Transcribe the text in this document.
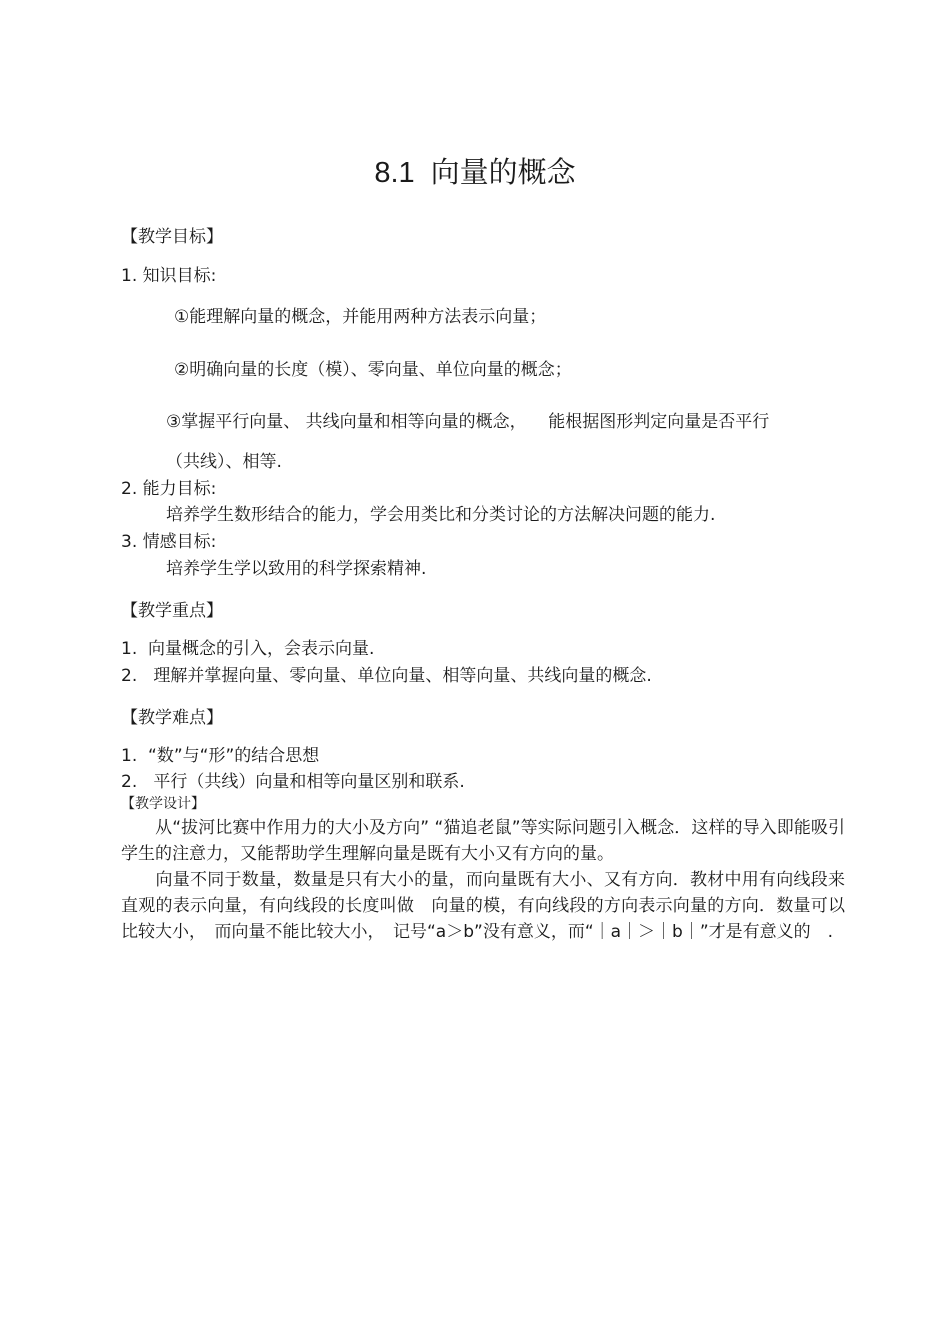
8.1 向量的概念
【教学目标】
1. 知识目标:
①能理解向量的概念，并能用两种方法表示向量；
②明确向量的长度（模）、零向量、单位向量的概念；
③掌握平行向量、 共线向量和相等向量的概念，    能根据图形判定向量是否平行
（共线）、相等.
2. 能力目标:
培养学生数形结合的能力，学会用类比和分类讨论的方法解决问题的能力.
3. 情感目标:
培养学生学以致用的科学探索精神.
【教学重点】
1.  向量概念的引入，会表示向量.
2.   理解并掌握向量、零向量、单位向量、相等向量、共线向量的概念.
【教学难点】
1.  “数”与“形”的结合思想
2.   平行（共线）向量和相等向量区别和联系.
【教学设计】
　　从“拔河比赛中作用力的大小及方向” “猫追老鼠”等实际问题引入概念．这样的导入即能吸引学生的注意力，又能帮助学生理解向量是既有大小又有方向的量。
　　向量不同于数量，数量是只有大小的量，而向量既有大小、又有方向．教材中用有向线段来直观的表示向量，有向线段的长度叫做　向量的模，有向线段的方向表示向量的方向．数量可以比较大小，　而向量不能比较大小，　记号“a＞b”没有意义，而“｜a｜＞｜b｜”才是有意义的　.
